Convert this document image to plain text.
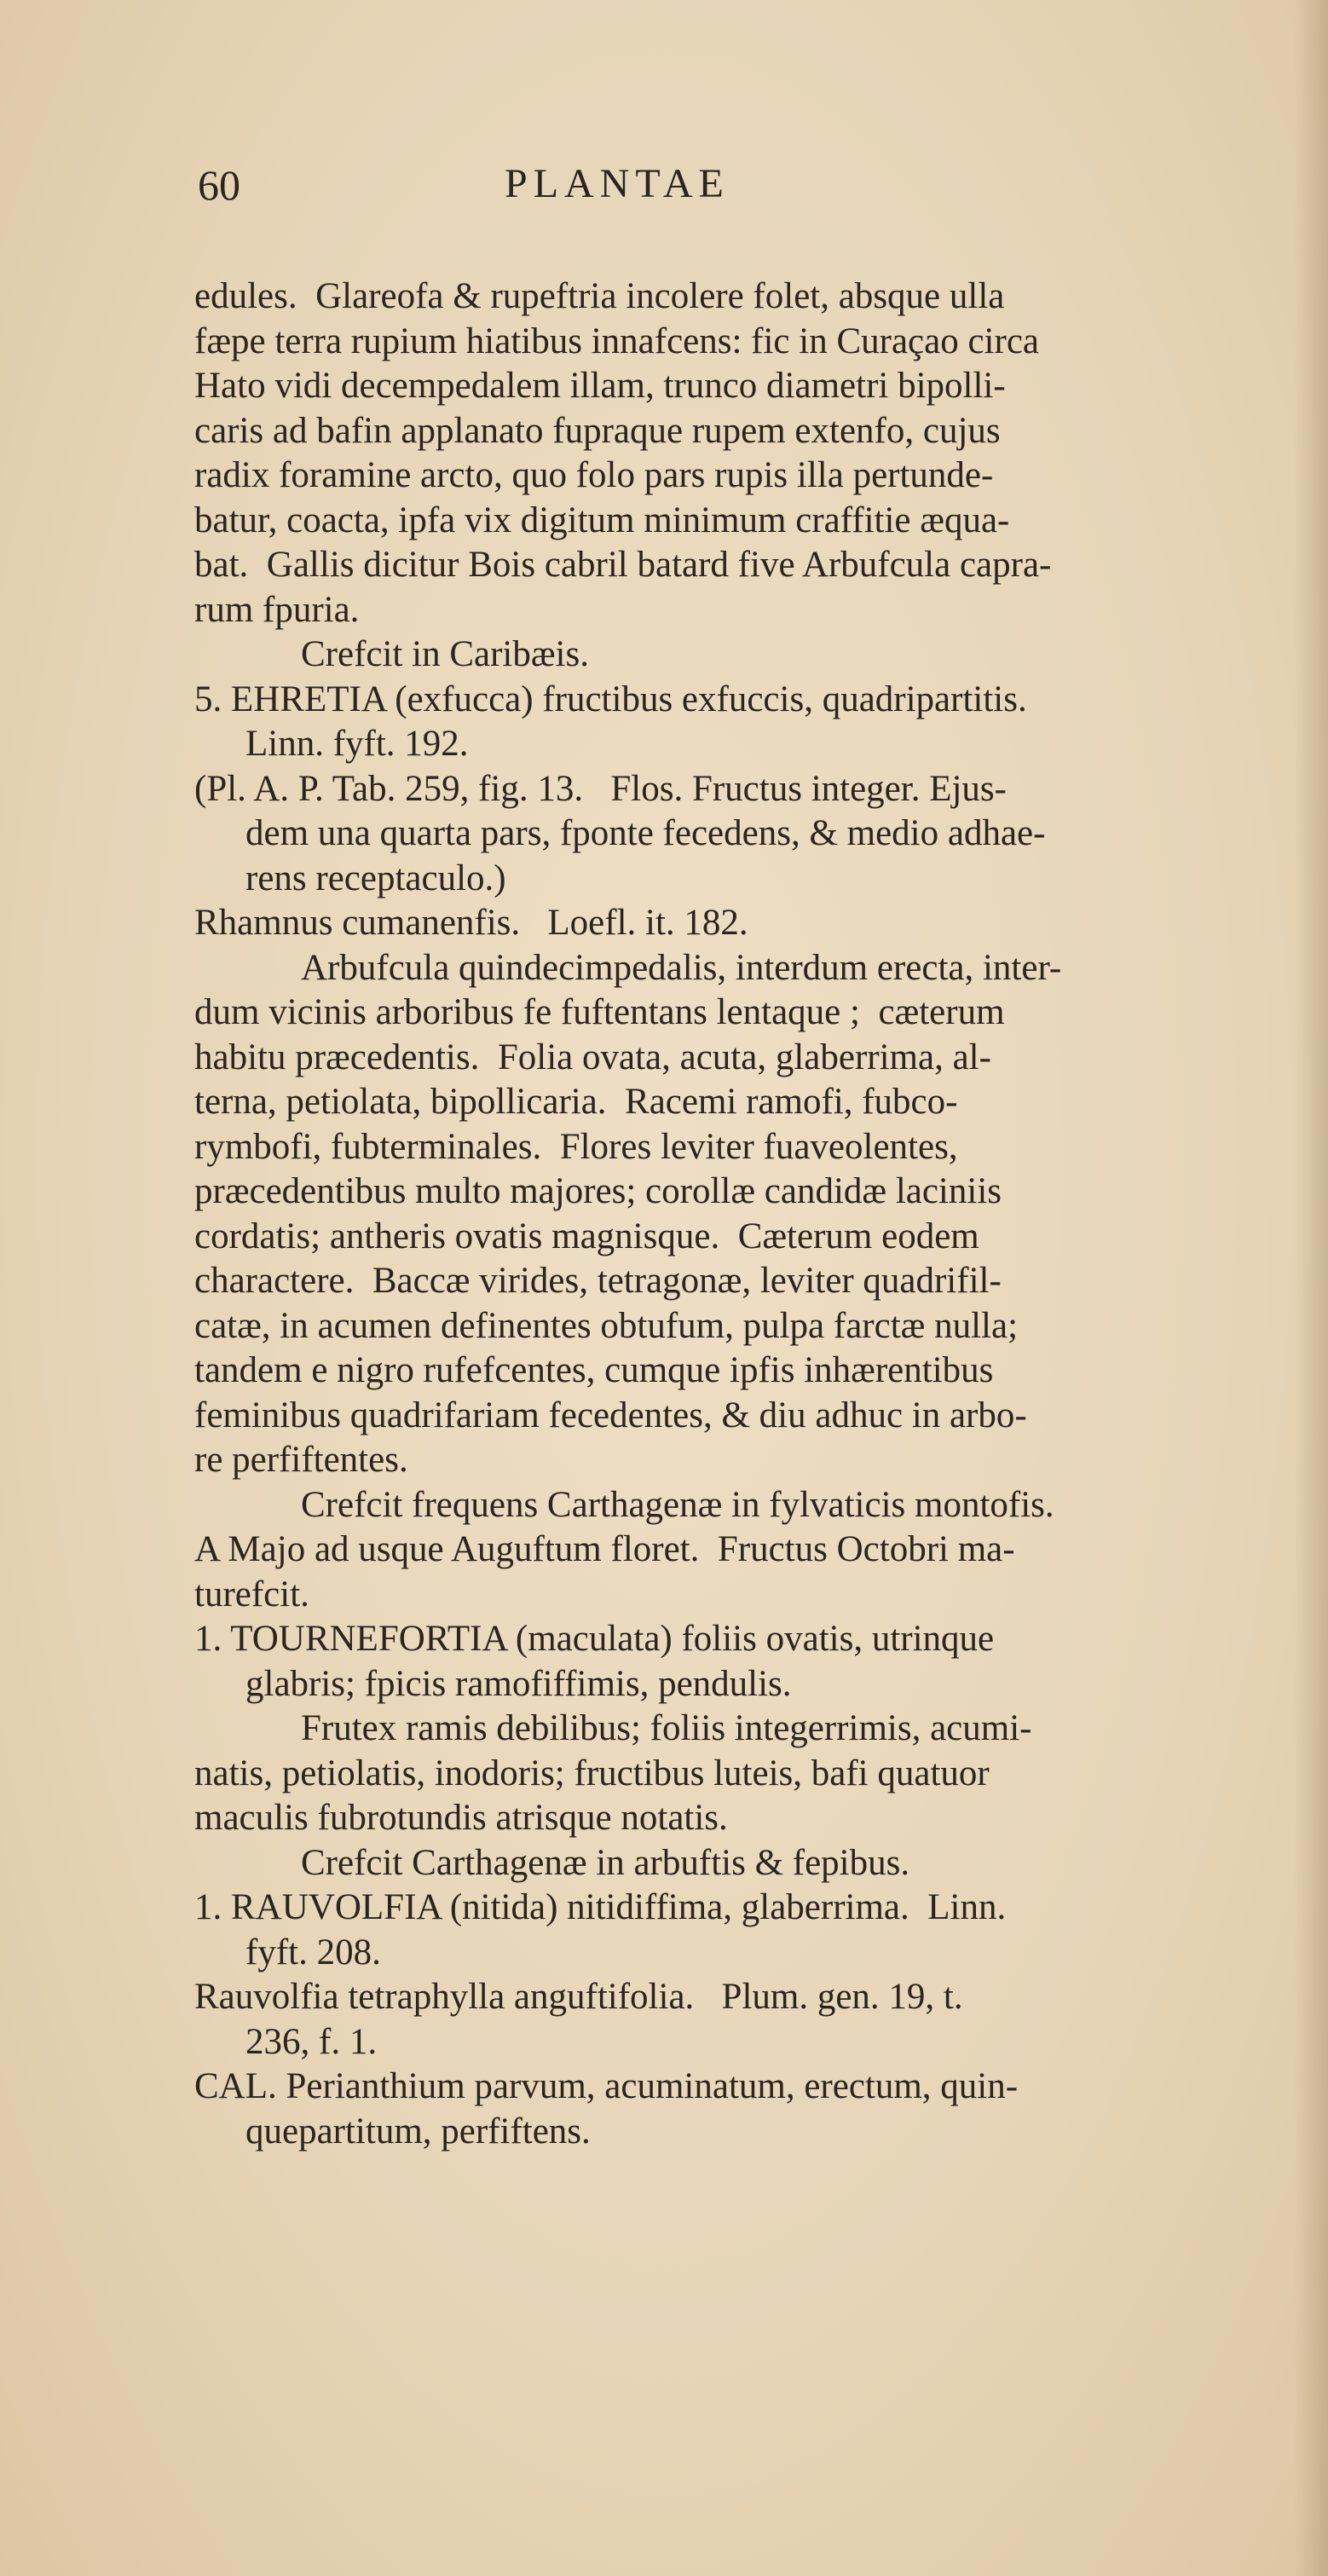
60	PLANTAE
edules.  Glareofa & rupeftria incolere folet, absque ulla
fæpe terra rupium hiatibus innafcens: fic in Curaçao circa
Hato vidi decempedalem illam, trunco diametri bipolli-
caris ad bafin applanato fupraque rupem extenfo, cujus
radix foramine arcto, quo folo pars rupis illa pertunde-
batur, coacta, ipfa vix digitum minimum craffitie æqua-
bat.  Gallis dicitur Bois cabril batard five Arbufcula capra-
rum fpuria.
Crefcit in Caribæis.
5. EHRETIA (exfucca) fructibus exfuccis, quadripartitis.
Linn. fyft. 192.
(Pl. A. P. Tab. 259, fig. 13.   Flos. Fructus integer. Ejus-
dem una quarta pars, fponte fecedens, & medio adhae-
rens receptaculo.)
Rhamnus cumanenfis.   Loefl. it. 182.
Arbufcula quindecimpedalis, interdum erecta, inter-
dum vicinis arboribus fe fuftentans lentaque ;  cæterum
habitu præcedentis.  Folia ovata, acuta, glaberrima, al-
terna, petiolata, bipollicaria.  Racemi ramofi, fubco-
rymbofi, fubterminales.  Flores leviter fuaveolentes,
præcedentibus multo majores; corollæ candidæ laciniis
cordatis; antheris ovatis magnisque.  Cæterum eodem
charactere.  Baccæ virides, tetragonæ, leviter quadrifil-
catæ, in acumen definentes obtufum, pulpa farctæ nulla;
tandem e nigro rufefcentes, cumque ipfis inhærentibus
feminibus quadrifariam fecedentes, & diu adhuc in arbo-
re perfiftentes.
Crefcit frequens Carthagenæ in fylvaticis montofis.
A Majo ad usque Auguftum floret.  Fructus Octobri ma-
turefcit.
1. TOURNEFORTIA (maculata) foliis ovatis, utrinque
glabris; fpicis ramofiffimis, pendulis.
Frutex ramis debilibus; foliis integerrimis, acumi-
natis, petiolatis, inodoris; fructibus luteis, bafi quatuor
maculis fubrotundis atrisque notatis.
Crefcit Carthagenæ in arbuftis & fepibus.
1. RAUVOLFIA (nitida) nitidiffima, glaberrima.  Linn.
fyft. 208.
Rauvolfia tetraphylla anguftifolia.   Plum. gen. 19, t.
236, f. 1.
CAL. Perianthium parvum, acuminatum, erectum, quin-
quepartitum, perfiftens.
